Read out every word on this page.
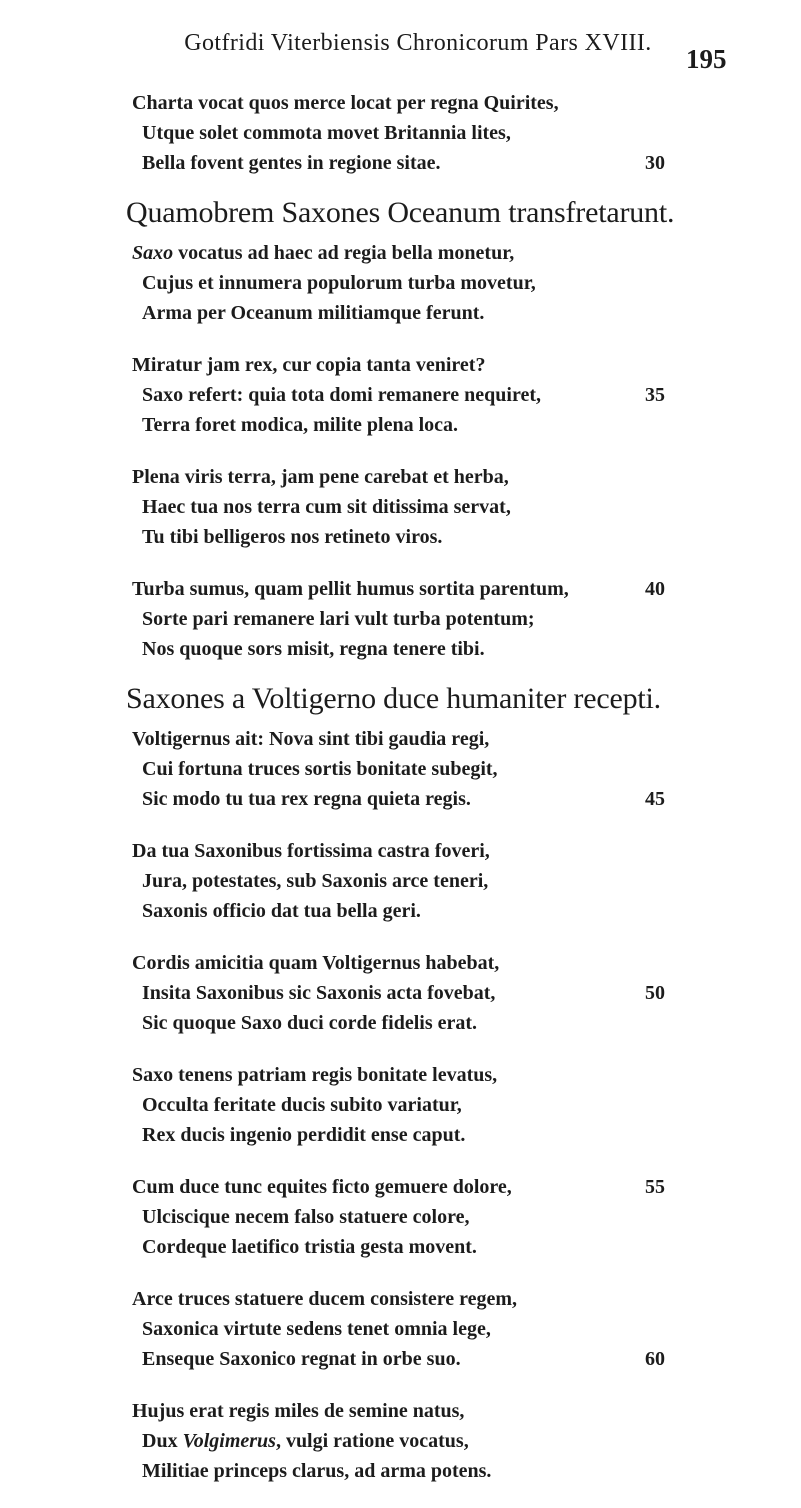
Gotfridi Viterbiensis Chronicorum Pars XVIII.
195
Charta vocat quos merce locat per regna Quirites,
Utque solet commota movet Britannia lites,
Bella fovent gentes in regione sitae.	30
Quamobrem Saxones Oceanum transfretarunt.
Saxo vocatus ad haec ad regia bella monetur,
Cujus et innumera populorum turba movetur,
Arma per Oceanum militiamque ferunt.
Miratur jam rex, cur copia tanta veniret?
Saxo refert: quia tota domi remanere nequiret,	35
Terra foret modica, milite plena loca.
Plena viris terra, jam pene carebat et herba,
Haec tua nos terra cum sit ditissima servat,
Tu tibi belligeros nos retineto viros.
Turba sumus, quam pellit humus sortita parentum,	40
Sorte pari remanere lari vult turba potentum;
Nos quoque sors misit, regna tenere tibi.
Saxones a Voltigerno duce humaniter recepti.
Voltigernus ait: Nova sint tibi gaudia regi,
Cui fortuna truces sortis bonitate subegit,
Sic modo tu tua rex regna quieta regis.	45
Da tua Saxonibus fortissima castra foveri,
Jura, potestates, sub Saxonis arce teneri,
Saxonis officio dat tua bella geri.
Cordis amicitia quam Voltigernus habebat,
Insita Saxonibus sic Saxonis acta fovebat,	50
Sic quoque Saxo duci corde fidelis erat.
Saxo tenens patriam regis bonitate levatus,
Occulta feritate ducis subito variatur,
Rex ducis ingenio perdidit ense caput.
Cum duce tunc equites ficto gemuere dolore,	55
Ulciscique necem falso statuere colore,
Cordeque laetifico tristia gesta movent.
Arce truces statuere ducem consistere regem,
Saxonica virtute sedens tenet omnia lege,
Enseque Saxonico regnat in orbe suo.	60
Hujus erat regis miles de semine natus,
Dux Volgimerus, vulgi ratione vocatus,
Militiae princeps clarus, ad arma potens.
